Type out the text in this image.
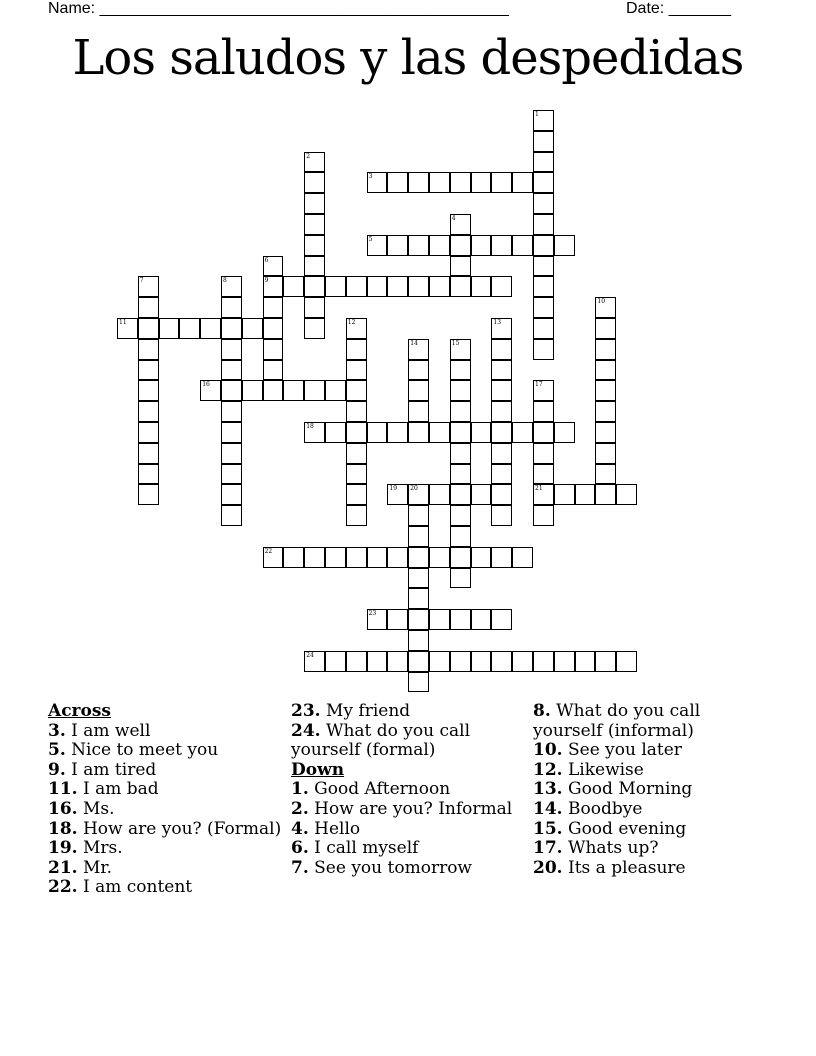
Name: ______________________________________________	Date: _______
Los saludos y las despedidas
1
2
3
4
5
6
9
7	8
10
11	12	13
14	15
16	17
21
18
19 20
22
23
24
Across
3. I am well
5. Nice to meet you
9. I am tired
11. I am bad
16. Ms.
18. How are you? (Formal)
19. Mrs.
21. Mr.
22. I am content
23. My friend
24. What do you call yourself (formal)
Down
1. Good Afternoon
2. How are you? Informal
4. Hello
6. I call myself
7. See you tomorrow
8. What do you call yourself (informal)
10. See you later
12. Likewise
13. Good Morning
14. Boodbye
15. Good evening
17. Whats up?
20. Its a pleasure
